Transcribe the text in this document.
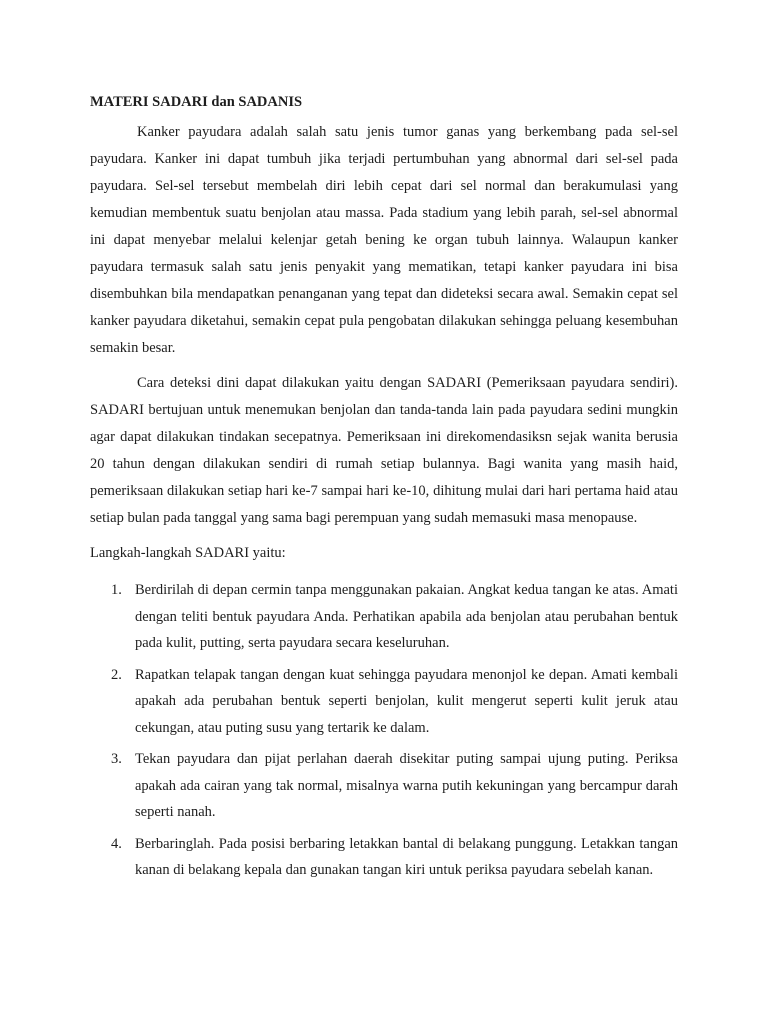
MATERI SADARI dan SADANIS

Kanker payudara adalah salah satu jenis tumor ganas yang berkembang pada sel-sel payudara. Kanker ini dapat tumbuh jika terjadi pertumbuhan yang abnormal dari sel-sel pada payudara. Sel-sel tersebut membelah diri lebih cepat dari sel normal dan berakumulasi yang kemudian membentuk suatu benjolan atau massa. Pada stadium yang lebih parah, sel-sel abnormal ini dapat menyebar melalui kelenjar getah bening ke organ tubuh lainnya. Walaupun kanker payudara termasuk salah satu jenis penyakit yang mematikan, tetapi kanker payudara ini bisa disembuhkan bila mendapatkan penanganan yang tepat dan dideteksi secara awal. Semakin cepat sel kanker payudara diketahui, semakin cepat pula pengobatan dilakukan sehingga peluang kesembuhan semakin besar.

Cara deteksi dini dapat dilakukan yaitu dengan SADARI (Pemeriksaan payudara sendiri). SADARI bertujuan untuk menemukan benjolan dan tanda-tanda lain pada payudara sedini mungkin agar dapat dilakukan tindakan secepatnya. Pemeriksaan ini direkomendasiksn sejak wanita berusia 20 tahun dengan dilakukan sendiri di rumah setiap bulannya. Bagi wanita yang masih haid, pemeriksaan dilakukan setiap hari ke-7 sampai hari ke-10, dihitung mulai dari hari pertama haid atau setiap bulan pada tanggal yang sama bagi perempuan yang sudah memasuki masa menopause.

Langkah-langkah SADARI yaitu:
1. Berdirilah di depan cermin tanpa menggunakan pakaian. Angkat kedua tangan ke atas. Amati dengan teliti bentuk payudara Anda. Perhatikan apabila ada benjolan atau perubahan bentuk pada kulit, putting, serta payudara secara keseluruhan.
2. Rapatkan telapak tangan dengan kuat sehingga payudara menonjol ke depan. Amati kembali apakah ada perubahan bentuk seperti benjolan, kulit mengerut seperti kulit jeruk atau cekungan, atau puting susu yang tertarik ke dalam.
3. Tekan payudara dan pijat perlahan daerah disekitar puting sampai ujung puting. Periksa apakah ada cairan yang tak normal, misalnya warna putih kekuningan yang bercampur darah seperti nanah.
4. Berbaringlah. Pada posisi berbaring letakkan bantal di belakang punggung. Letakkan tangan kanan di belakang kepala dan gunakan tangan kiri untuk periksa payudara sebelah kanan.
